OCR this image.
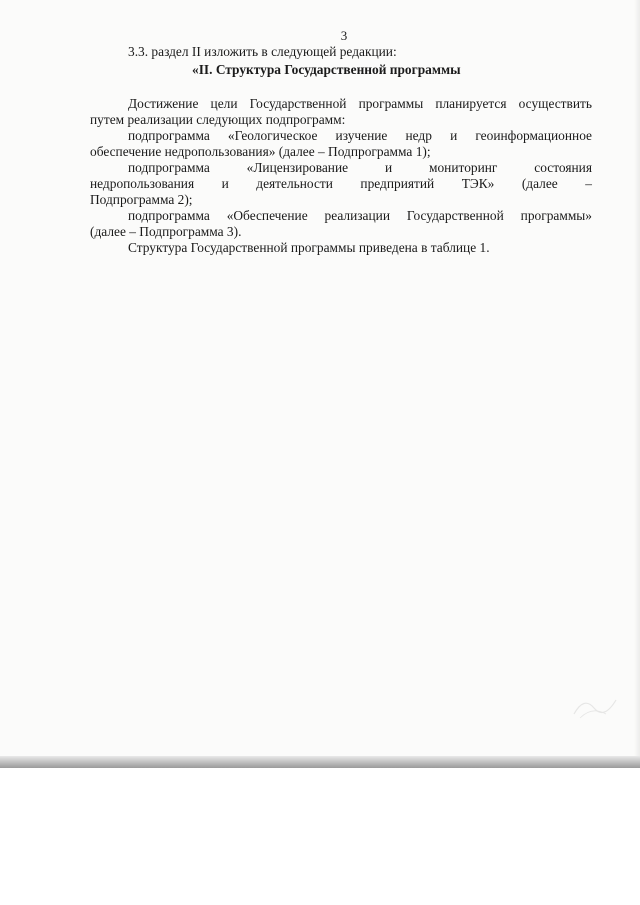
3
3.3. раздел II изложить в следующей редакции:
«II. Структура Государственной программы
Достижение цели Государственной программы планируется осуществить
путем реализации следующих подпрограмм:
подпрограмма «Геологическое изучение недр и геоинформационное
обеспечение недропользования» (далее – Подпрограмма 1);
подпрограмма	«Лицензирование	и	мониторинг	состояния
недропользования и деятельности предприятий ТЭК» (далее –
Подпрограмма 2);
подпрограмма «Обеспечение реализации Государственной программы»
(далее – Подпрограмма 3).
Структура Государственной программы приведена в таблице 1.
